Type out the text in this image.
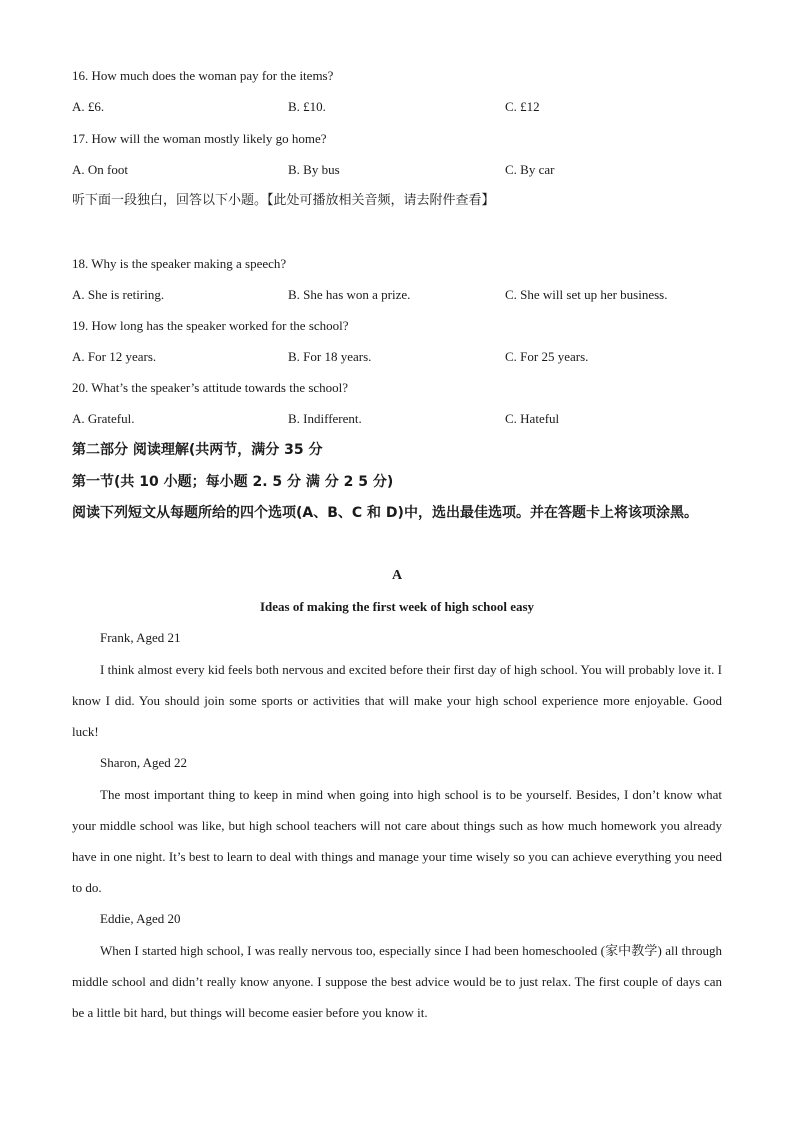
16. How much does the woman pay for the items?
A. £6.	B. £10.	C. £12
17. How will the woman mostly likely go home?
A. On foot	B. By bus	C. By car
听下面一段独白，回答以下小题。【此处可播放相关音频，请去附件查看】
18. Why is the speaker making a speech?
A. She is retiring.	B. She has won a prize.	C. She will set up her business.
19. How long has the speaker worked for the school?
A. For 12 years.	B. For 18 years.	C. For 25 years.
20. What’s the speaker’s attitude towards the school?
A. Grateful.	B. Indifferent.	C. Hateful
第二部分 阅读理解(共两节，满分 35 分
第一节(共 10 小题；每小题 2. 5 分 满 分 2 5 分)
阅读下列短文从每题所给的四个选项(A、B、C 和 D)中，选出最佳选项。并在答题卡上将该项涂黑。
A
Ideas of making the first week of high school easy
Frank, Aged 21
I think almost every kid feels both nervous and excited before their first day of high school. You will probably love it. I know I did. You should join some sports or activities that will make your high school experience more enjoyable. Good luck!
Sharon, Aged 22
The most important thing to keep in mind when going into high school is to be yourself. Besides, I don’t know what your middle school was like, but high school teachers will not care about things such as how much homework you already have in one night. It’s best to learn to deal with things and manage your time wisely so you can achieve everything you need to do.
Eddie, Aged 20
When I started high school, I was really nervous too, especially since I had been homeschooled (家中教学) all through middle school and didn’t really know anyone. I suppose the best advice would be to just relax. The first couple of days can be a little bit hard, but things will become easier before you know it.
